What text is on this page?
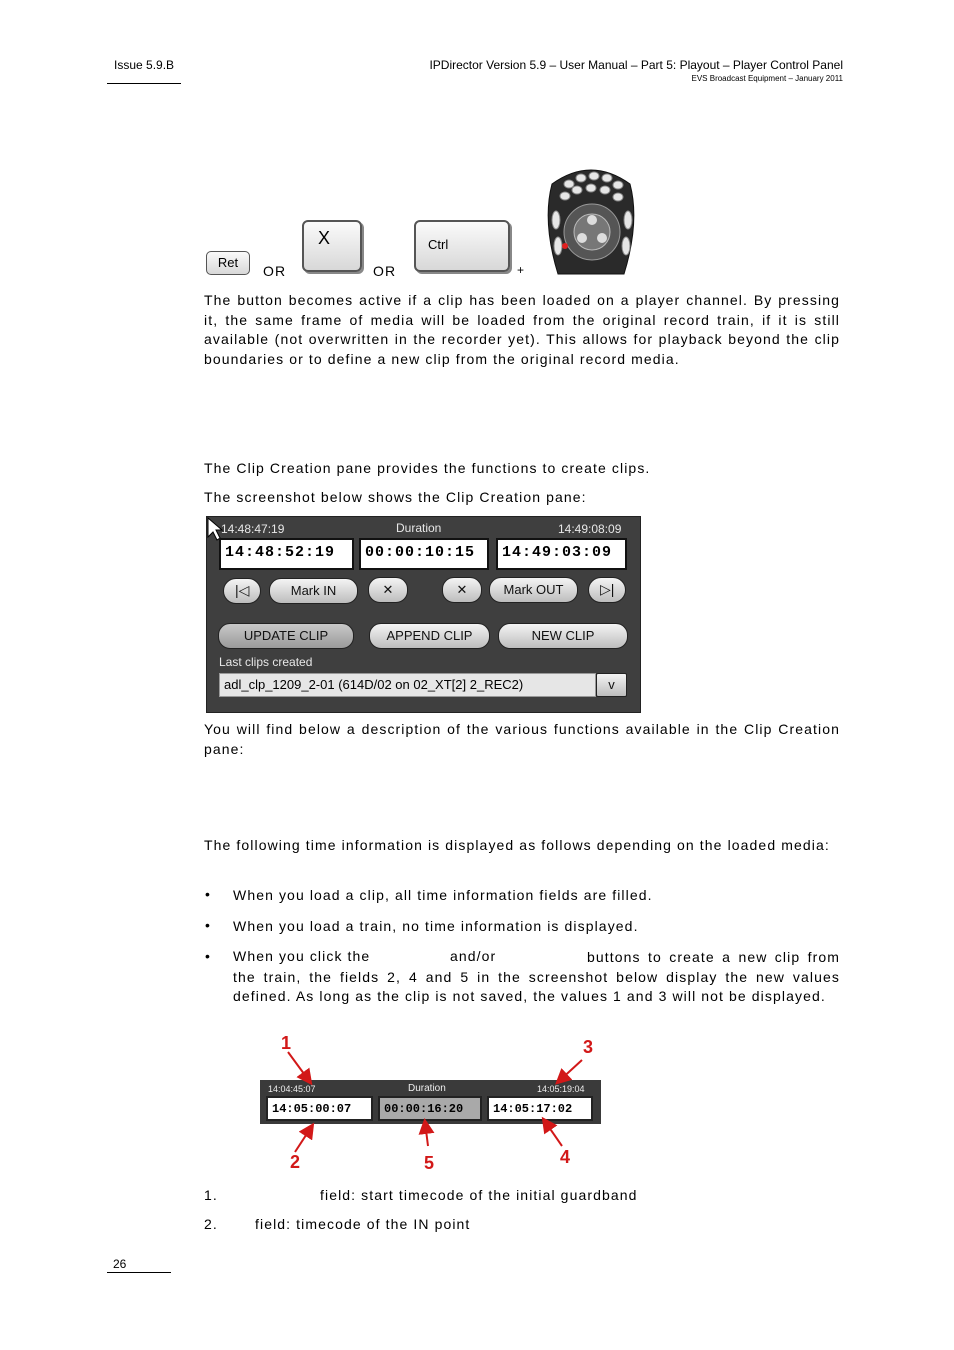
Issue 5.9.B	IPDirector Version 5.9 – User Manual – Part 5: Playout – Player Control Panel
EVS Broadcast Equipment – January 2011
Ret
OR
X
OR
Ctrl
+
The button becomes active if a clip has been loaded on a player channel. By pressing it, the same frame of media will be loaded from the original record train, if it is still available (not overwritten in the recorder yet). This allows for playback beyond the clip boundaries or to define a new clip from the original record media.
The Clip Creation pane provides the functions to create clips.
The screenshot below shows the Clip Creation pane:
14:48:47:19	Duration	14:49:08:09
14:48:52:19	00:00:10:15	14:49:03:09
|◁	Mark IN	✕	✕	Mark OUT	▷|
UPDATE CLIP	APPEND CLIP	NEW CLIP
Last clips created
adl_clp_1209_2-01 (614D/02 on 02_XT[2] 2_REC2)	v
You will find below a description of the various functions available in the Clip Creation pane:
The following time information is displayed as follows depending on the loaded media:
• When you load a clip, all time information fields are filled.
• When you load a train, no time information is displayed.
• When you click the	and/or	buttons to create a new clip from the train, the fields 2, 4 and 5 in the screenshot below display the new values defined. As long as the clip is not saved, the values 1 and 3 will not be displayed.
14:04:45:07	Duration	14:05:19:04
14:05:00:07	00:00:16:20	14:05:17:02
1
2
3
4
5
1.	field: start timecode of the initial guardband
2.	field: timecode of the IN point
26
